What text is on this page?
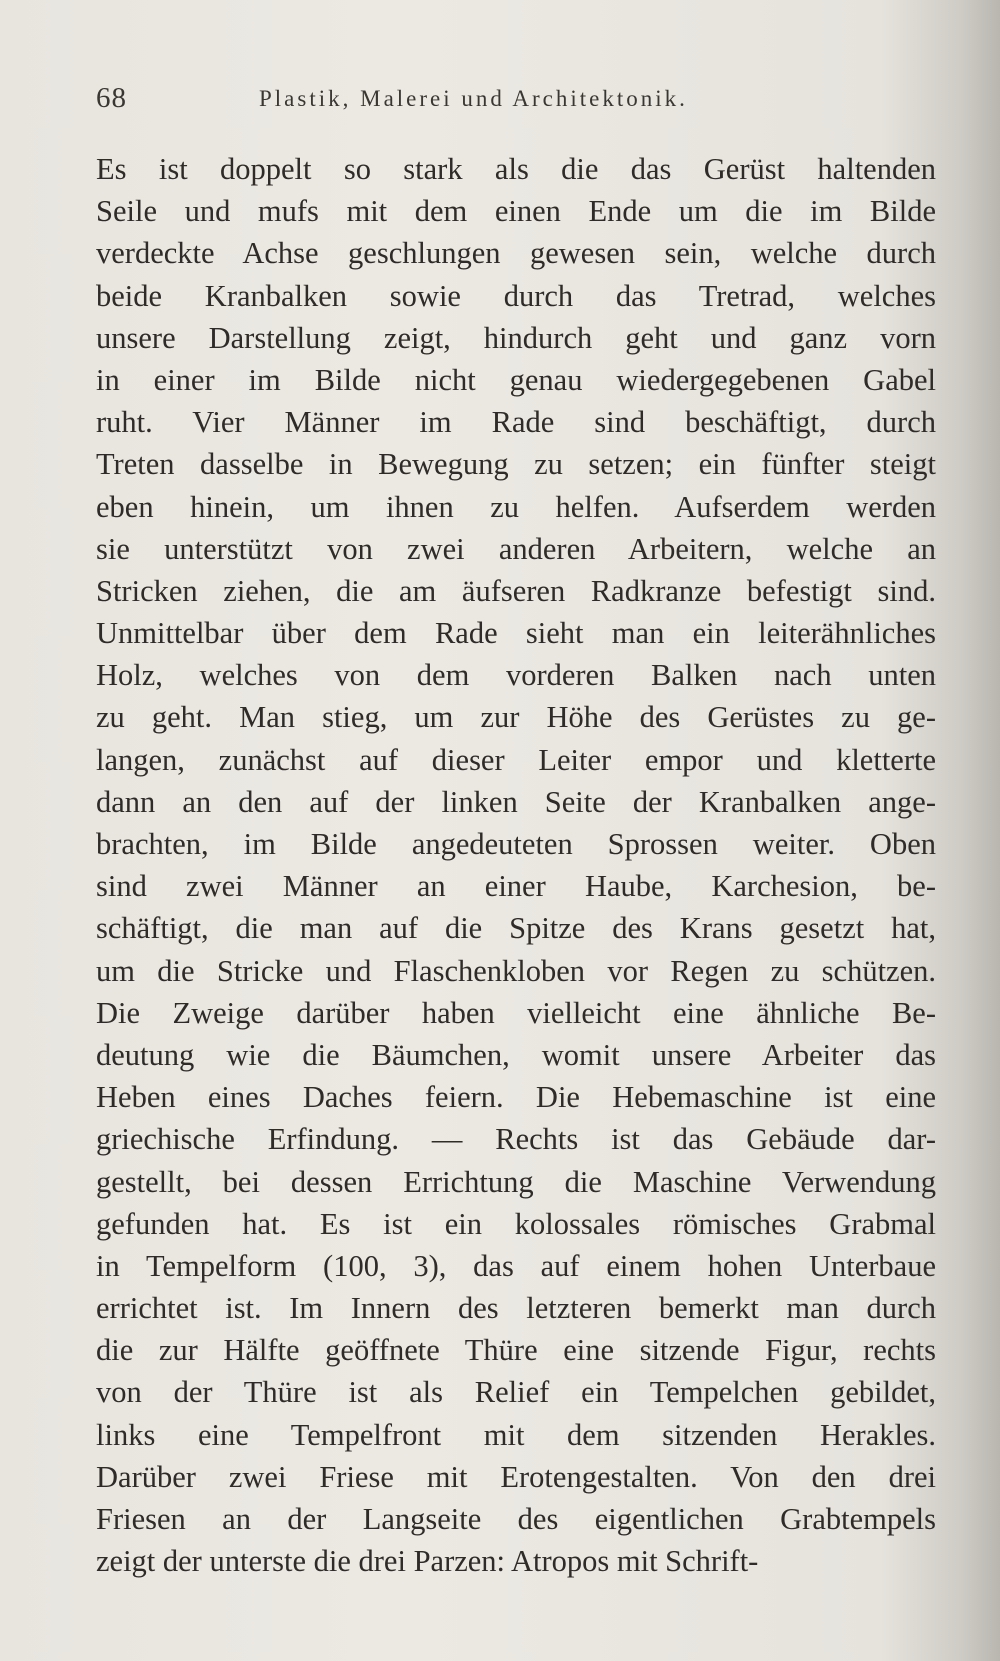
68	Plastik, Malerei und Architektonik.
Es ist doppelt so stark als die das Gerüst haltenden
Seile und mufs mit dem einen Ende um die im Bilde
verdeckte Achse geschlungen gewesen sein, welche durch
beide Kranbalken sowie durch das Tretrad, welches
unsere Darstellung zeigt, hindurch geht und ganz vorn
in einer im Bilde nicht genau wiedergegebenen Gabel
ruht. Vier Männer im Rade sind beschäftigt, durch
Treten dasselbe in Bewegung zu setzen; ein fünfter steigt
eben hinein, um ihnen zu helfen. Aufserdem werden
sie unterstützt von zwei anderen Arbeitern, welche an
Stricken ziehen, die am äufseren Radkranze befestigt sind.
Unmittelbar über dem Rade sieht man ein leiterähnliches
Holz, welches von dem vorderen Balken nach unten
zu geht. Man stieg, um zur Höhe des Gerüstes zu ge-
langen, zunächst auf dieser Leiter empor und kletterte
dann an den auf der linken Seite der Kranbalken ange-
brachten, im Bilde angedeuteten Sprossen weiter. Oben
sind zwei Männer an einer Haube, Karchesion, be-
schäftigt, die man auf die Spitze des Krans gesetzt hat,
um die Stricke und Flaschenkloben vor Regen zu schützen.
Die Zweige darüber haben vielleicht eine ähnliche Be-
deutung wie die Bäumchen, womit unsere Arbeiter das
Heben eines Daches feiern. Die Hebemaschine ist eine
griechische Erfindung. — Rechts ist das Gebäude dar-
gestellt, bei dessen Errichtung die Maschine Verwendung
gefunden hat. Es ist ein kolossales römisches Grabmal
in Tempelform (100, 3), das auf einem hohen Unterbaue
errichtet ist. Im Innern des letzteren bemerkt man durch
die zur Hälfte geöffnete Thüre eine sitzende Figur, rechts
von der Thüre ist als Relief ein Tempelchen gebildet,
links eine Tempelfront mit dem sitzenden Herakles.
Darüber zwei Friese mit Erotengestalten. Von den drei
Friesen an der Langseite des eigentlichen Grabtempels
zeigt der unterste die drei Parzen: Atropos mit Schrift-
